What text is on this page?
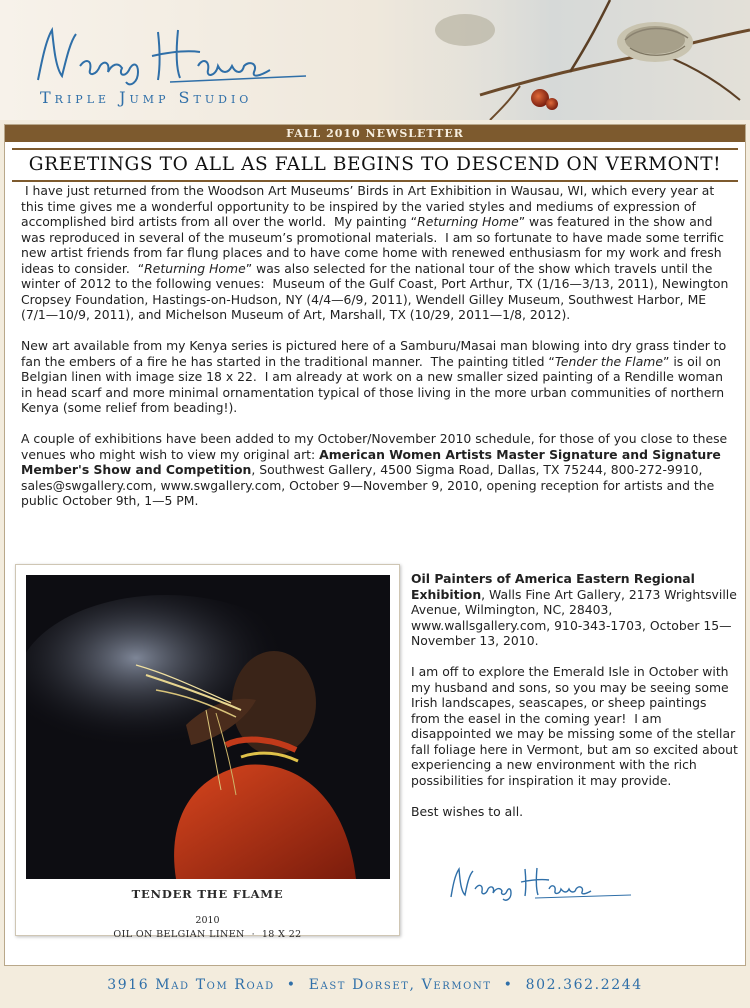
Triple Jump Studio
FALL 2010 NEWSLETTER
GREETINGS TO ALL AS FALL BEGINS TO DESCEND ON VERMONT!

I have just returned from the Woodson Art Museums’ Birds in Art Exhibition in Wausau, WI, which every year at this time gives me a wonderful opportunity to be inspired by the varied styles and mediums of expression of accomplished bird artists from all over the world.  My painting “Returning Home” was featured in the show and was reproduced in several of the museum’s promotional materials.  I am so fortunate to have made some terrific new artist friends from far flung places and to have come home with renewed enthusiasm for my work and fresh ideas to consider.  “Returning Home” was also selected for the national tour of the show which travels until the winter of 2012 to the following venues:  Museum of the Gulf Coast, Port Arthur, TX (1/16—3/13, 2011), Newington Cropsey Foundation, Hastings-on-Hudson, NY (4/4—6/9, 2011), Wendell Gilley Museum, Southwest Harbor, ME (7/1—10/9, 2011), and Michelson Museum of Art, Marshall, TX (10/29, 2011—1/8, 2012).

New art available from my Kenya series is pictured here of a Samburu/Masai man blowing into dry grass tinder to fan the embers of a fire he has started in the traditional manner.  The painting titled “Tender the Flame” is oil on Belgian linen with image size 18 x 22.  I am already at work on a new smaller sized painting of a Rendille woman in head scarf and more minimal ornamentation typical of those living in the more urban communities of northern Kenya (some relief from beading!).

A couple of exhibitions have been added to my October/November 2010 schedule, for those of you close to these venues who might wish to view my original art: American Women Artists Master Signature and Signature Member's Show and Competition, Southwest Gallery, 4500 Sigma Road, Dallas, TX 75244, 800-272-9910, sales@swgallery.com, www.swgallery.com, October 9—November 9, 2010, opening reception for artists and the public October 9th, 1—5 PM.

TENDER THE FLAME
2010
OIL ON BELGIAN LINEN  ·  18 X 22

Oil Painters of America Eastern Regional Exhibition, Walls Fine Art Gallery, 2173 Wrightsville Avenue, Wilmington, NC, 28403, www.wallsgallery.com, 910-343-1703, October 15—November 13, 2010.

I am off to explore the Emerald Isle in October with my husband and sons, so you may be seeing some Irish landscapes, seascapes, or sheep paintings from the easel in the coming year!  I am disappointed we may be missing some of the stellar fall foliage here in Vermont, but am so excited about experiencing a new environment with the rich possibilities for inspiration it may provide.

Best wishes to all.

3916 Mad Tom Road • East Dorset, Vermont • 802.362.2244
